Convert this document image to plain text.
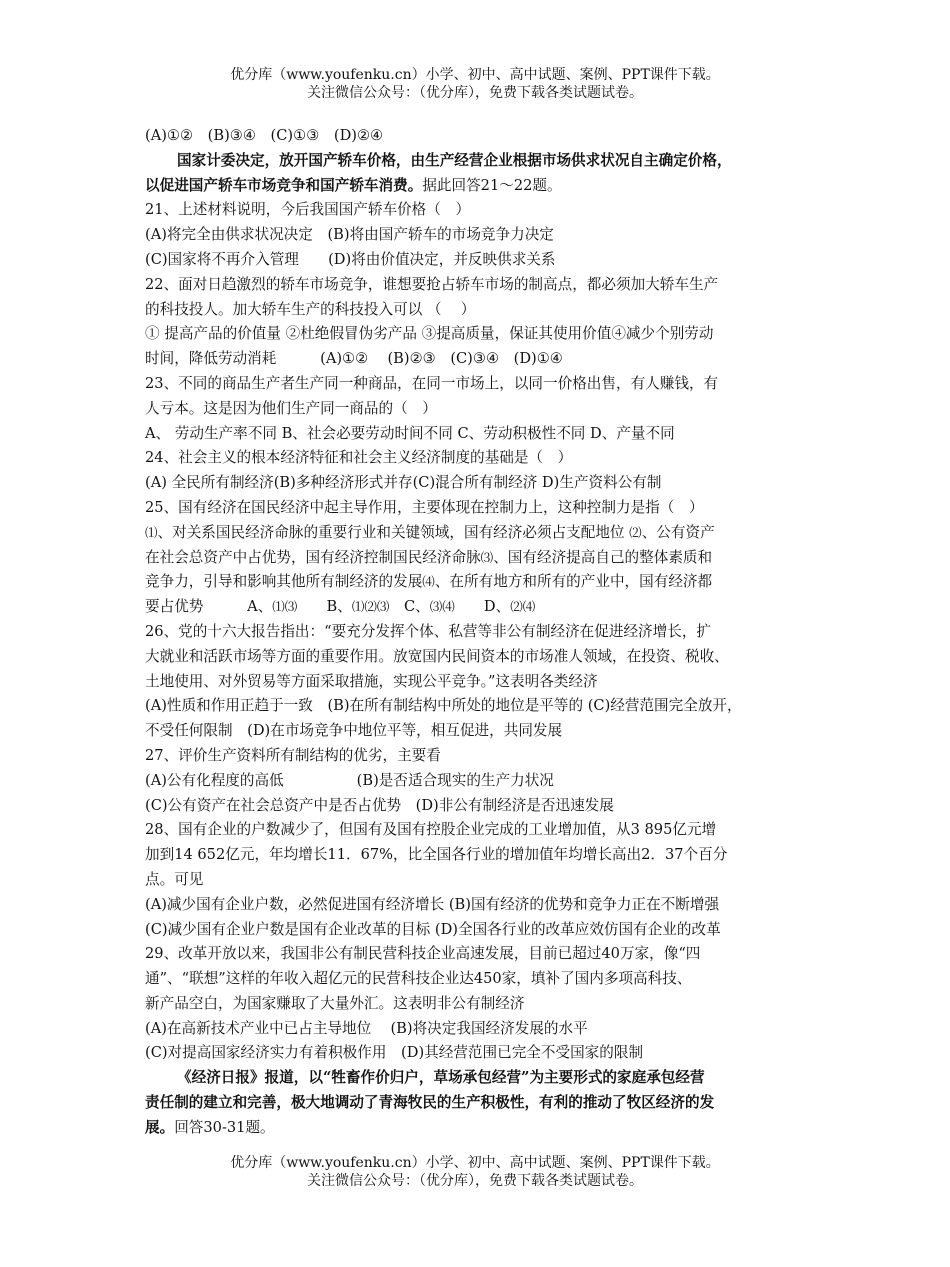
优分库（www.youfenku.cn）小学、初中、高中试题、案例、PPT课件下载。
关注微信公众号：（优分库），免费下载各类试题试卷。
(A)①②　(B)③④　(C)①③　(D)②④
国家计委决定，放开国产轿车价格，由生产经营企业根据市场供求状况自主确定价格，
以促进国产轿车市场竞争和国产轿车消费。据此回答21～22题。
21、上述材料说明，今后我国国产轿车价格（　）
(A)将完全由供求状况决定　(B)将由国产轿车的市场竞争力决定
(C)国家将不再介入管理　　(D)将由价值决定，并反映供求关系
22、面对日趋激烈的轿车市场竞争，谁想要抢占轿车市场的制高点，都必须加大轿车生产
的科技投人。加大轿车生产的科技投入可以 （　 ）
① 提高产品的价值量 ②杜绝假冒伪劣产品 ③提高质量，保证其使用价值④减少个别劳动
时间，降低劳动消耗　　　(A)①②　 (B)②③　(C)③④　(D)①④
23、不同的商品生产者生产同一种商品，在同一市场上，以同一价格出售，有人赚钱，有
人亏本。这是因为他们生产同一商品的（　）
A、 劳动生产率不同 B、社会必要劳动时间不同 C、劳动积极性不同 D、产量不同
24、社会主义的根本经济特征和社会主义经济制度的基础是（　）
(A) 全民所有制经济(B)多种经济形式并存(C)混合所有制经济 D)生产资料公有制
25、国有经济在国民经济中起主导作用，主要体现在控制力上，这种控制力是指（　）
⑴、对关系国民经济命脉的重要行业和关键领域，国有经济必须占支配地位 ⑵、公有资产
在社会总资产中占优势，国有经济控制国民经济命脉⑶、国有经济提高自己的整体素质和
竞争力，引导和影响其他所有制经济的发展⑷、在所有地方和所有的产业中，国有经济都
要占优势　　　A、⑴⑶　　B、⑴⑵⑶　C、⑶⑷　　D、⑵⑷
26、党的十六大报告指出：“要充分发挥个体、私营等非公有制经济在促进经济增长，扩
大就业和活跃市场等方面的重要作用。放宽国内民间资本的市场准人领域，在投资、税收、
土地使用、对外贸易等方面采取措施，实现公平竞争。”这表明各类经济
(A)性质和作用正趋于一致　(B)在所有制结构中所处的地位是平等的 (C)经营范围完全放开，
不受任何限制　(D)在市场竞争中地位平等，相互促进，共同发展
27、评价生产资料所有制结构的优劣，主要看
(A)公有化程度的高低　　　　　(B)是否适合现实的生产力状况
(C)公有资产在社会总资产中是否占优势　(D)非公有制经济是否迅速发展
28、国有企业的户数减少了，但国有及国有控股企业完成的工业增加值，从3 895亿元增
加到14 652亿元，年均增长11．67%，比全国各行业的增加值年均增长高出2．37个百分
点。可见
(A)减少国有企业户数，必然促进国有经济增长 (B)国有经济的优势和竞争力正在不断增强
(C)减少国有企业户数是国有企业改革的目标 (D)全国各行业的改革应效仿国有企业的改革
29、改革开放以来，我国非公有制民营科技企业高速发展，目前已超过40万家，像“四
通”、“联想”这样的年收入超亿元的民营科技企业达450家，填补了国内多项高科技、
新产品空白，为国家赚取了大量外汇。这表明非公有制经济
(A)在高新技术产业中已占主导地位　 (B)将决定我国经济发展的水平
(C)对提高国家经济实力有着积极作用　(D)其经营范围已完全不受国家的限制
《经济日报》报道，以“牲畜作价归户，草场承包经营”为主要形式的家庭承包经营
责任制的建立和完善，极大地调动了青海牧民的生产积极性，有利的推动了牧区经济的发
展。回答30-31题。
优分库（www.youfenku.cn）小学、初中、高中试题、案例、PPT课件下载。
关注微信公众号：（优分库），免费下载各类试题试卷。
